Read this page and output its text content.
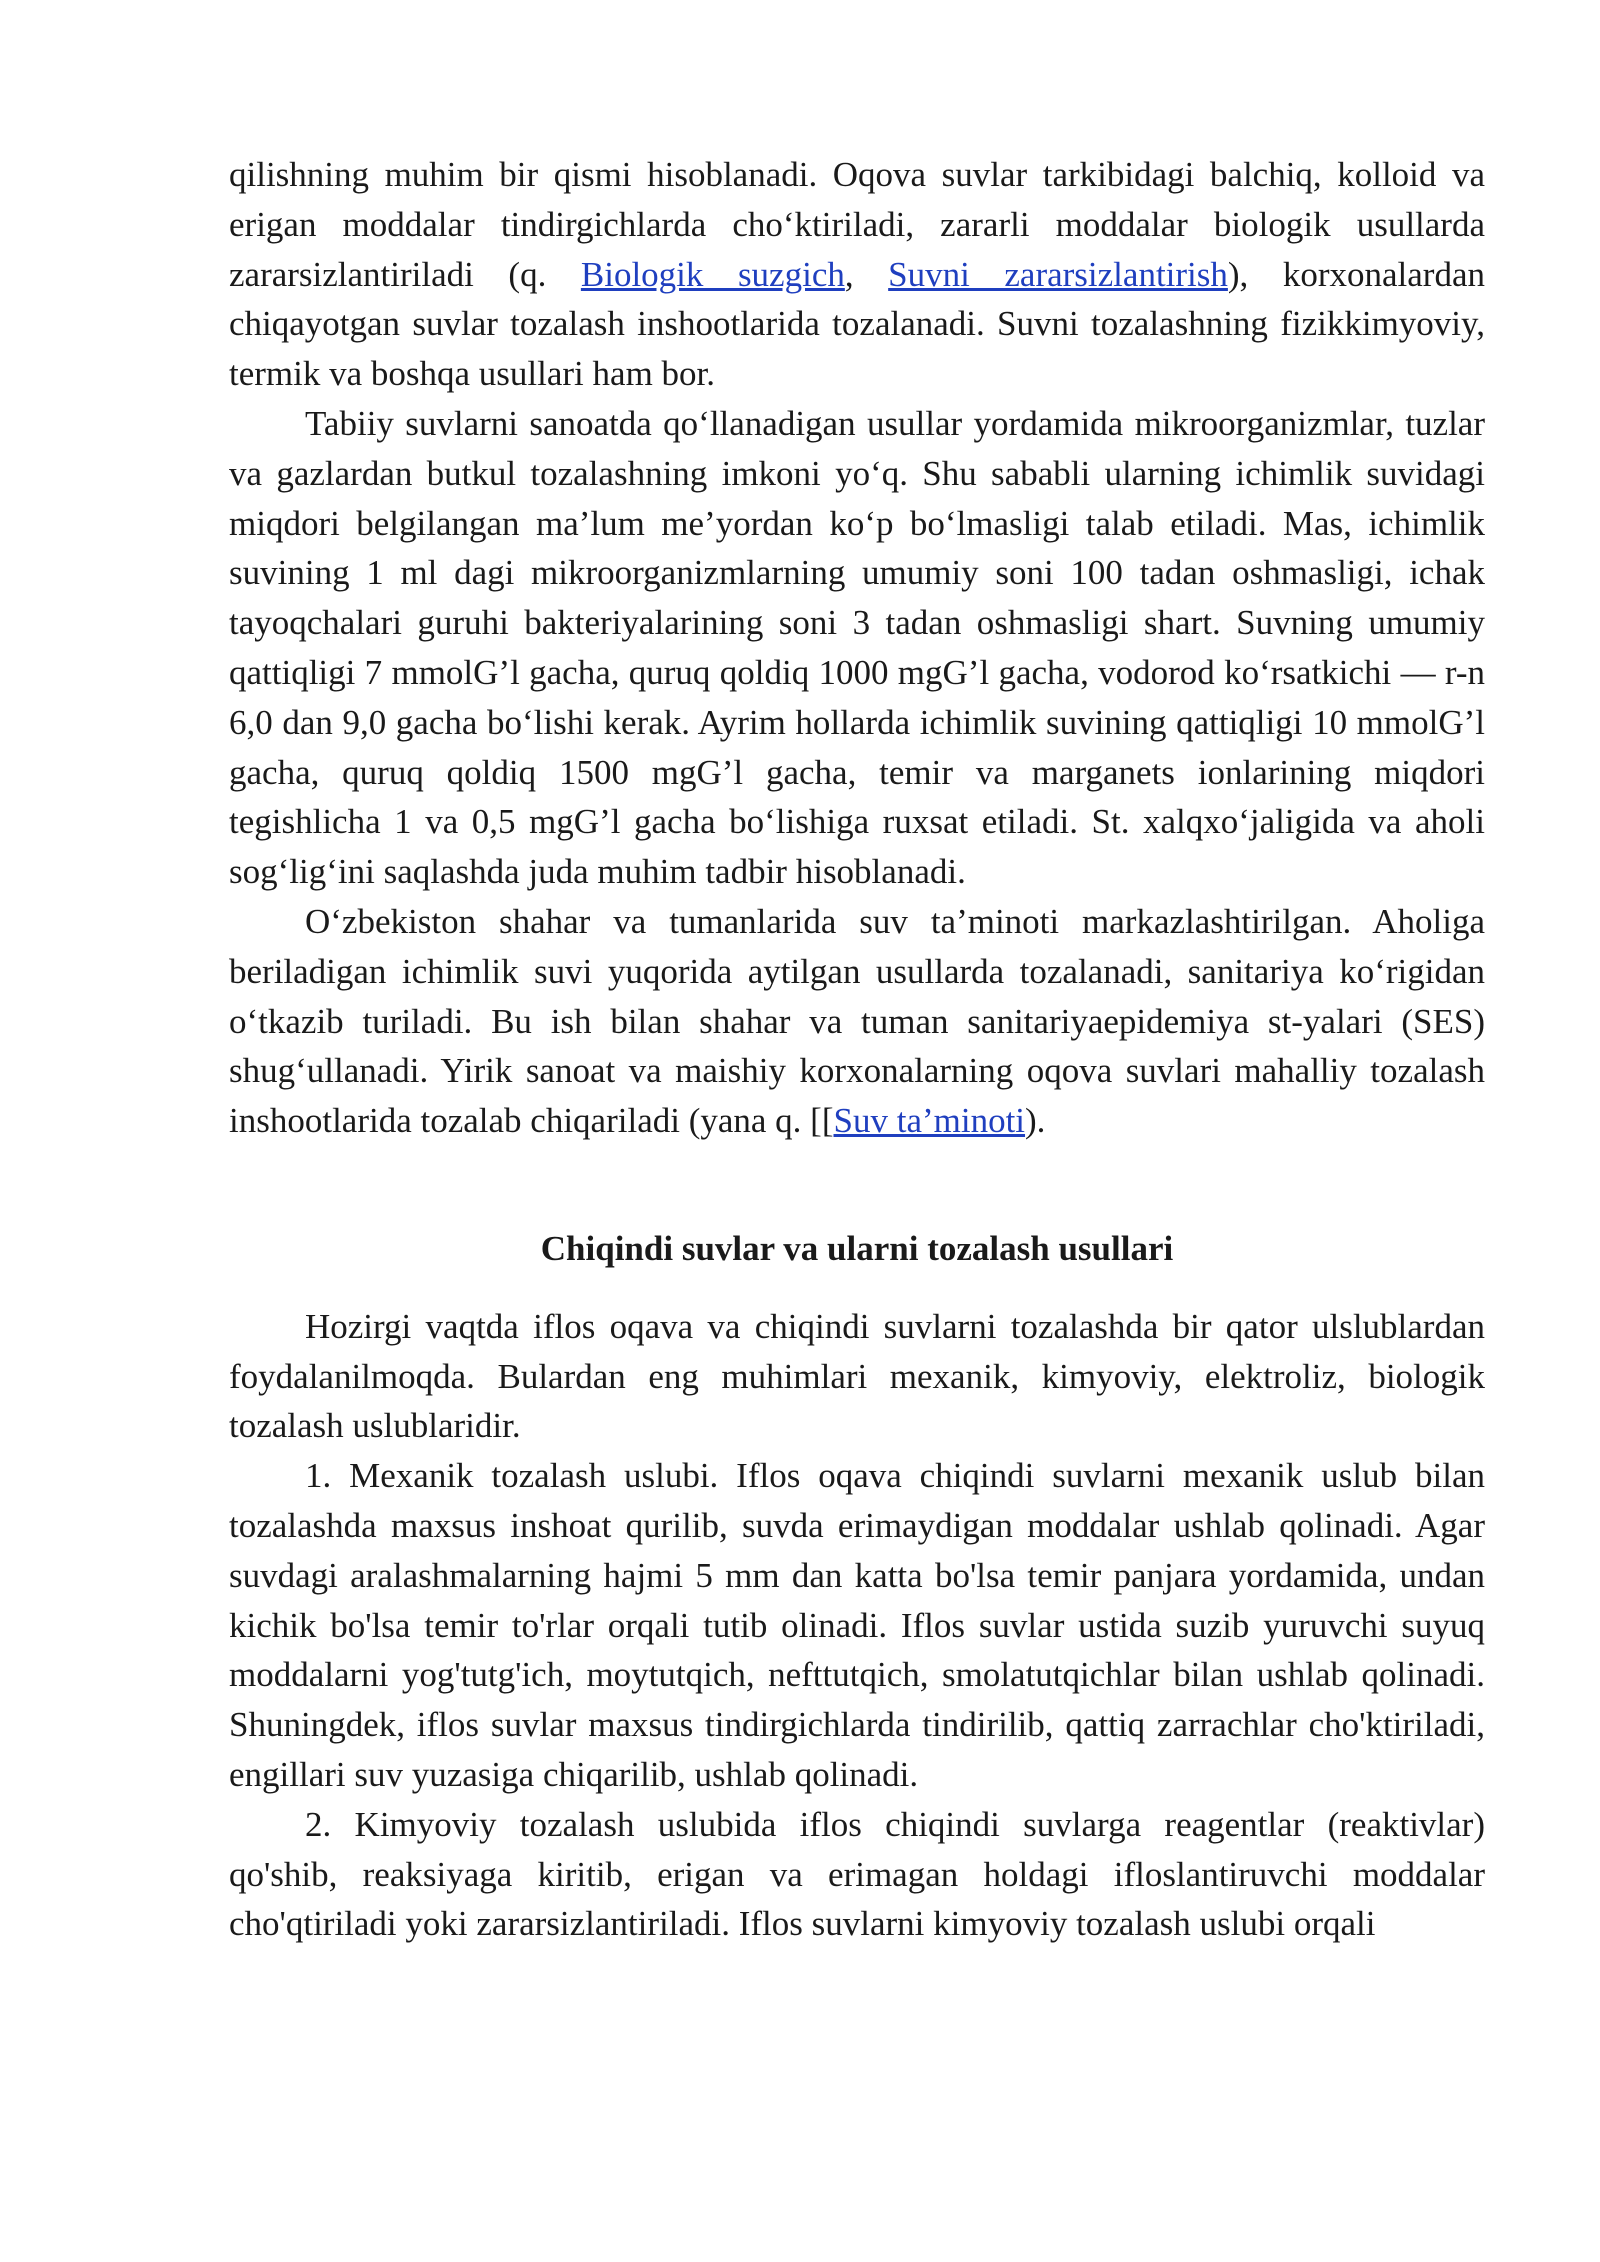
qilishning muhim bir qismi hisoblanadi. Oqova suvlar tarkibidagi balchiq, kolloid va erigan moddalar tindirgichlarda cho‘ktiriladi, zararli moddalar biologik usullarda zararsizlantiriladi (q. Biologik suzgich, Suvni zararsizlantirish), korxonalardan chiqayotgan suvlar tozalash inshootlarida tozalanadi. Suvni tozalashning fizikkimyoviy, termik va boshqa usullari ham bor.

Tabiiy suvlarni sanoatda qo‘llanadigan usullar yordamida mikroorganizmlar, tuzlar va gazlardan butkul tozalashning imkoni yo‘q. Shu sababli ularning ichimlik suvidagi miqdori belgilangan ma’lum me’yordan ko‘p bo‘lmasligi talab etiladi. Mas, ichimlik suvining 1 ml dagi mikroorganizmlarning umumiy soni 100 tadan oshmasligi, ichak tayoqchalari guruhi bakteriyalarining soni 3 tadan oshmasligi shart. Suvning umumiy qattiqligi 7 mmolG’l gacha, quruq qoldiq 1000 mgG’l gacha, vodorod ko‘rsatkichi — r-n 6,0 dan 9,0 gacha bo‘lishi kerak. Ayrim hollarda ichimlik suvining qattiqligi 10 mmolG’l gacha, quruq qoldiq 1500 mgG’l gacha, temir va marganets ionlarining miqdori tegishlicha 1 va 0,5 mgG’l gacha bo‘lishiga ruxsat etiladi. St. xalqxo‘jaligida va aholi sog‘lig‘ini saqlashda juda muhim tadbir hisoblanadi.

O‘zbekiston shahar va tumanlarida suv ta’minoti markazlashtirilgan. Aholiga beriladigan ichimlik suvi yuqorida aytilgan usullarda tozalanadi, sanitariya ko‘rigidan o‘tkazib turiladi. Bu ish bilan shahar va tuman sanitariyaepidemiya st-yalari (SES) shug‘ullanadi. Yirik sanoat va maishiy korxonalarning oqova suvlari mahalliy tozalash inshootlarida tozalab chiqariladi (yana q. [[Suv ta’minoti).

Chiqindi suvlar va ularni tozalash usullari

Hozirgi vaqtda iflos oqava va chiqindi suvlarni tozalashda bir qator ulslublardan foydalanilmoqda. Bulardan eng muhimlari mexanik, kimyoviy, elektroliz, biologik tozalash uslublaridir.

1. Mexanik tozalash uslubi. Iflos oqava chiqindi suvlarni mexanik uslub bilan tozalashda maxsus inshoat qurilib, suvda erimaydigan moddalar ushlab qolinadi. Agar suvdagi aralashmalarning hajmi 5 mm dan katta bo'lsa temir panjara yordamida, undan kichik bo'lsa temir to'rlar orqali tutib olinadi. Iflos suvlar ustida suzib yuruvchi suyuq moddalarni yog'tutg'ich, moytutqich, nefttutqich, smolatutqichlar bilan ushlab qolinadi. Shuningdek, iflos suvlar maxsus tindirgichlarda tindirilib, qattiq zarrachlar cho'ktiriladi, engillari suv yuzasiga chiqarilib, ushlab qolinadi.

2. Kimyoviy tozalash uslubida iflos chiqindi suvlarga reagentlar (reaktivlar) qo'shib, reaksiyaga kiritib, erigan va erimagan holdagi ifloslantiruvchi moddalar cho'qtiriladi yoki zararsizlantiriladi. Iflos suvlarni kimyoviy tozalash uslubi orqali
